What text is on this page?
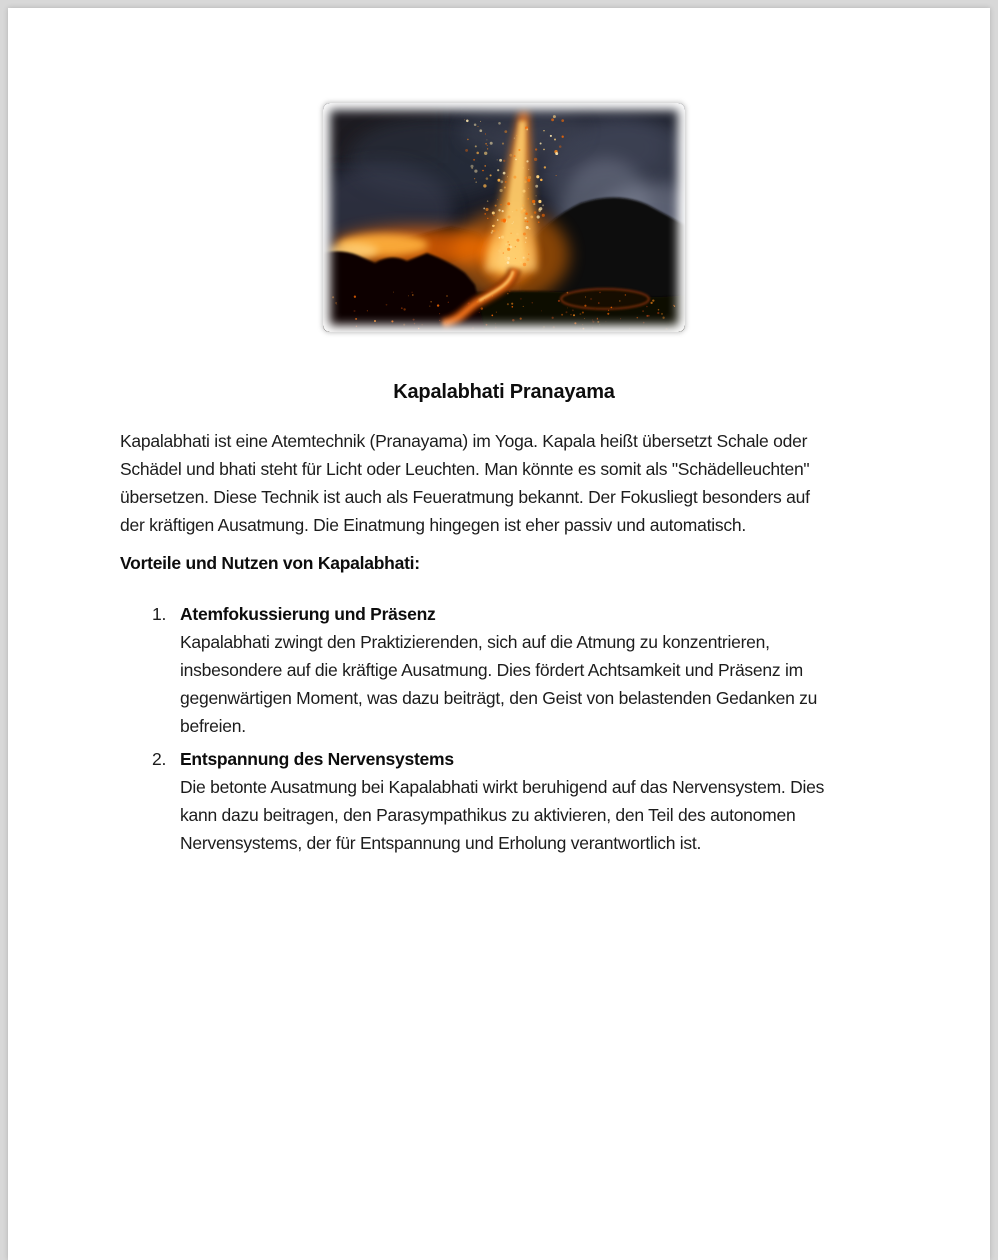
Kapalabhati Pranayama
Kapalabhati ist eine Atemtechnik (Pranayama) im Yoga. Kapala heißt übersetzt Schale oder
Schädel und bhati steht für Licht oder Leuchten. Man könnte es somit als "Schädelleuchten"
übersetzen. Diese Technik ist auch als Feueratmung bekannt. Der Fokusliegt besonders auf
der kräftigen Ausatmung. Die Einatmung hingegen ist eher passiv und automatisch.
Vorteile und Nutzen von Kapalabhati:
1. Atemfokussierung und Präsenz
Kapalabhati zwingt den Praktizierenden, sich auf die Atmung zu konzentrieren,
insbesondere auf die kräftige Ausatmung. Dies fördert Achtsamkeit und Präsenz im
gegenwärtigen Moment, was dazu beiträgt, den Geist von belastenden Gedanken zu
befreien.
2. Entspannung des Nervensystems
Die betonte Ausatmung bei Kapalabhati wirkt beruhigend auf das Nervensystem. Dies
kann dazu beitragen, den Parasympathikus zu aktivieren, den Teil des autonomen
Nervensystems, der für Entspannung und Erholung verantwortlich ist.
